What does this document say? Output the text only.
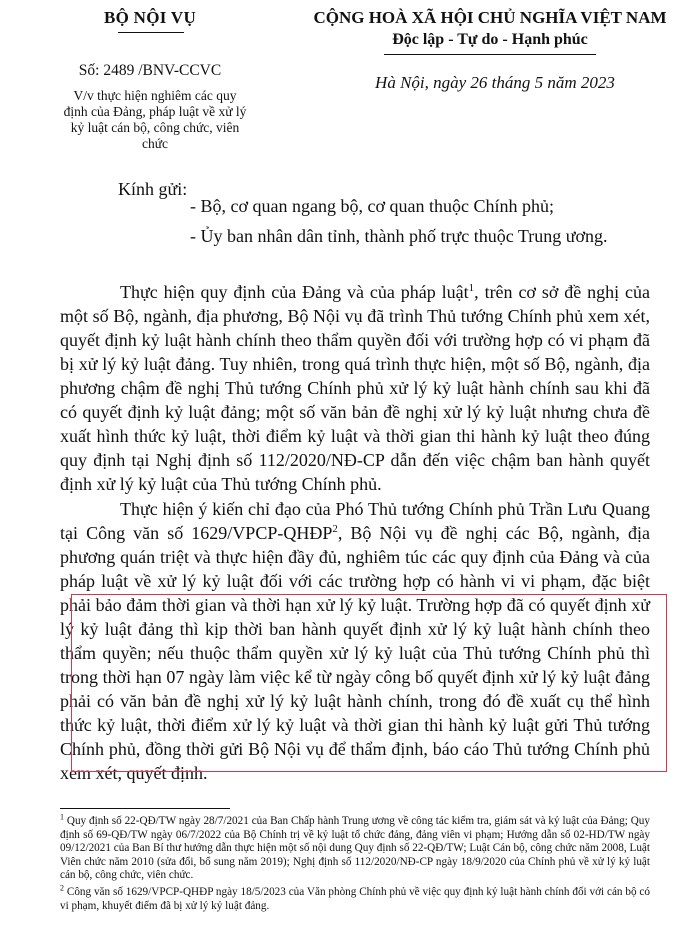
BỘ NỘI VỤ	CỘNG HOÀ XÃ HỘI CHỦ NGHĨA VIỆT NAM
Độc lập - Tự do - Hạnh phúc
Số: 2489 /BNV-CCVC
V/v thực hiện nghiêm các quy định của Đảng, pháp luật về xử lý kỷ luật cán bộ, công chức, viên chức
Hà Nội, ngày 26 tháng 5 năm 2023
Kính gửi:
- Bộ, cơ quan ngang bộ, cơ quan thuộc Chính phủ;
- Ủy ban nhân dân tỉnh, thành phố trực thuộc Trung ương.

Thực hiện quy định của Đảng và của pháp luật$^1$, trên cơ sở đề nghị của một số Bộ, ngành, địa phương, Bộ Nội vụ đã trình Thủ tướng Chính phủ xem xét, quyết định kỷ luật hành chính theo thẩm quyền đối với trường hợp có vi phạm đã bị xử lý kỷ luật đảng. Tuy nhiên, trong quá trình thực hiện, một số Bộ, ngành, địa phương chậm đề nghị Thủ tướng Chính phủ xử lý kỷ luật hành chính sau khi đã có quyết định kỷ luật đảng; một số văn bản đề nghị xử lý kỷ luật nhưng chưa đề xuất hình thức kỷ luật, thời điểm kỷ luật và thời gian thi hành kỷ luật theo đúng quy định tại Nghị định số 112/2020/NĐ-CP dẫn đến việc chậm ban hành quyết định xử lý kỷ luật của Thủ tướng Chính phủ.

Thực hiện ý kiến chỉ đạo của Phó Thủ tướng Chính phủ Trần Lưu Quang tại Công văn số 1629/VPCP-QHĐP$^2$, Bộ Nội vụ đề nghị các Bộ, ngành, địa phương quán triệt và thực hiện đầy đủ, nghiêm túc các quy định của Đảng và của pháp luật về xử lý kỷ luật đối với các trường hợp có hành vi vi phạm, đặc biệt phải bảo đảm thời gian và thời hạn xử lý kỷ luật. Trường hợp đã có quyết định xử lý kỷ luật đảng thì kịp thời ban hành quyết định xử lý kỷ luật hành chính theo thẩm quyền; nếu thuộc thẩm quyền xử lý kỷ luật của Thủ tướng Chính phủ thì trong thời hạn 07 ngày làm việc kể từ ngày công bố quyết định xử lý kỷ luật đảng phải có văn bản đề nghị xử lý kỷ luật hành chính, trong đó đề xuất cụ thể hình thức kỷ luật, thời điểm xử lý kỷ luật và thời gian thi hành kỷ luật gửi Thủ tướng Chính phủ, đồng thời gửi Bộ Nội vụ để thẩm định, báo cáo Thủ tướng Chính phủ xem xét, quyết định.

$^1$ Quy định số 22-QĐ/TW ngày 28/7/2021 của Ban Chấp hành Trung ương về công tác kiểm tra, giám sát và kỷ luật của Đảng; Quy định số 69-QĐ/TW ngày 06/7/2022 của Bộ Chính trị về kỷ luật tổ chức đảng, đảng viên vi phạm; Hướng dẫn số 02-HD/TW ngày 09/12/2021 của Ban Bí thư hướng dẫn thực hiện một số nội dung Quy định số 22-QĐ/TW; Luật Cán bộ, công chức năm 2008, Luật Viên chức năm 2010 (sửa đổi, bổ sung năm 2019); Nghị định số 112/2020/NĐ-CP ngày 18/9/2020 của Chính phủ về xử lý kỷ luật cán bộ, công chức, viên chức.

$^2$ Công văn số 1629/VPCP-QHĐP ngày 18/5/2023 của Văn phòng Chính phủ về việc quy định kỷ luật hành chính đối với cán bộ có vi phạm, khuyết điểm đã bị xử lý kỷ luật đảng.
